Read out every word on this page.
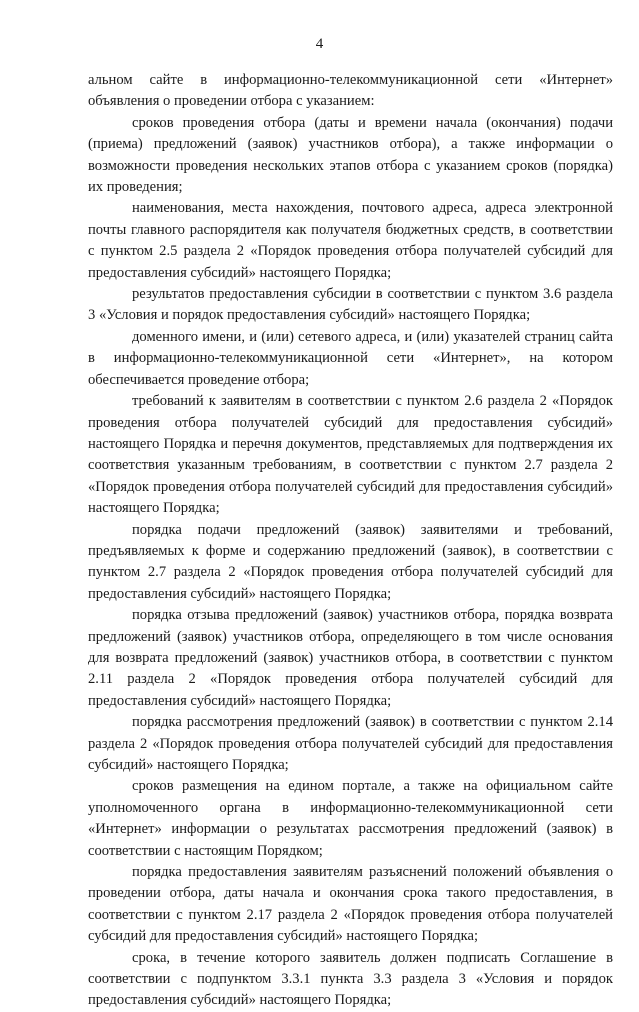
4

альном сайте в информационно-телекоммуникационной сети «Интернет» объявления о проведении отбора с указанием:

сроков проведения отбора (даты и времени начала (окончания) подачи (приема) предложений (заявок) участников отбора), а также информации о возможности проведения нескольких этапов отбора с указанием сроков (порядка) их проведения;

наименования, места нахождения, почтового адреса, адреса электронной почты главного распорядителя как получателя бюджетных средств, в соответствии с пунктом 2.5 раздела 2 «Порядок проведения отбора получателей субсидий для предоставления субсидий» настоящего Порядка;

результатов предоставления субсидии в соответствии с пунктом 3.6 раздела 3 «Условия и порядок предоставления субсидий» настоящего Порядка;

доменного имени, и (или) сетевого адреса, и (или) указателей страниц сайта в информационно-телекоммуникационной сети «Интернет», на котором обеспечивается проведение отбора;

требований к заявителям в соответствии с пунктом 2.6 раздела 2 «Порядок проведения отбора получателей субсидий для предоставления субсидий» настоящего Порядка и перечня документов, представляемых для подтверждения их соответствия указанным требованиям, в соответствии с пунктом 2.7 раздела 2 «Порядок проведения отбора получателей субсидий для предоставления субсидий» настоящего Порядка;

порядка подачи предложений (заявок) заявителями и требований, предъявляемых к форме и содержанию предложений (заявок), в соответствии с пунктом 2.7 раздела 2 «Порядок проведения отбора получателей субсидий для предоставления субсидий» настоящего Порядка;

порядка отзыва предложений (заявок) участников отбора, порядка возврата предложений (заявок) участников отбора, определяющего в том числе основания для возврата предложений (заявок) участников отбора, в соответствии с пунктом 2.11 раздела 2 «Порядок проведения отбора получателей субсидий для предоставления субсидий» настоящего Порядка;

порядка рассмотрения предложений (заявок) в соответствии с пунктом 2.14 раздела 2 «Порядок проведения отбора получателей субсидий для предоставления субсидий» настоящего Порядка;

сроков размещения на едином портале, а также на официальном сайте уполномоченного органа в информационно-телекоммуникационной сети «Интернет» информации о результатах рассмотрения предложений (заявок) в соответствии с настоящим Порядком;

порядка предоставления заявителям разъяснений положений объявления о проведении отбора, даты начала и окончания срока такого предоставления, в соответствии с пунктом 2.17 раздела 2 «Порядок проведения отбора получателей субсидий для предоставления субсидий» настоящего Порядка;

срока, в течение которого заявитель должен подписать Соглашение в соответствии с подпунктом 3.3.1 пункта 3.3 раздела 3 «Условия и порядок предоставления субсидий» настоящего Порядка;
